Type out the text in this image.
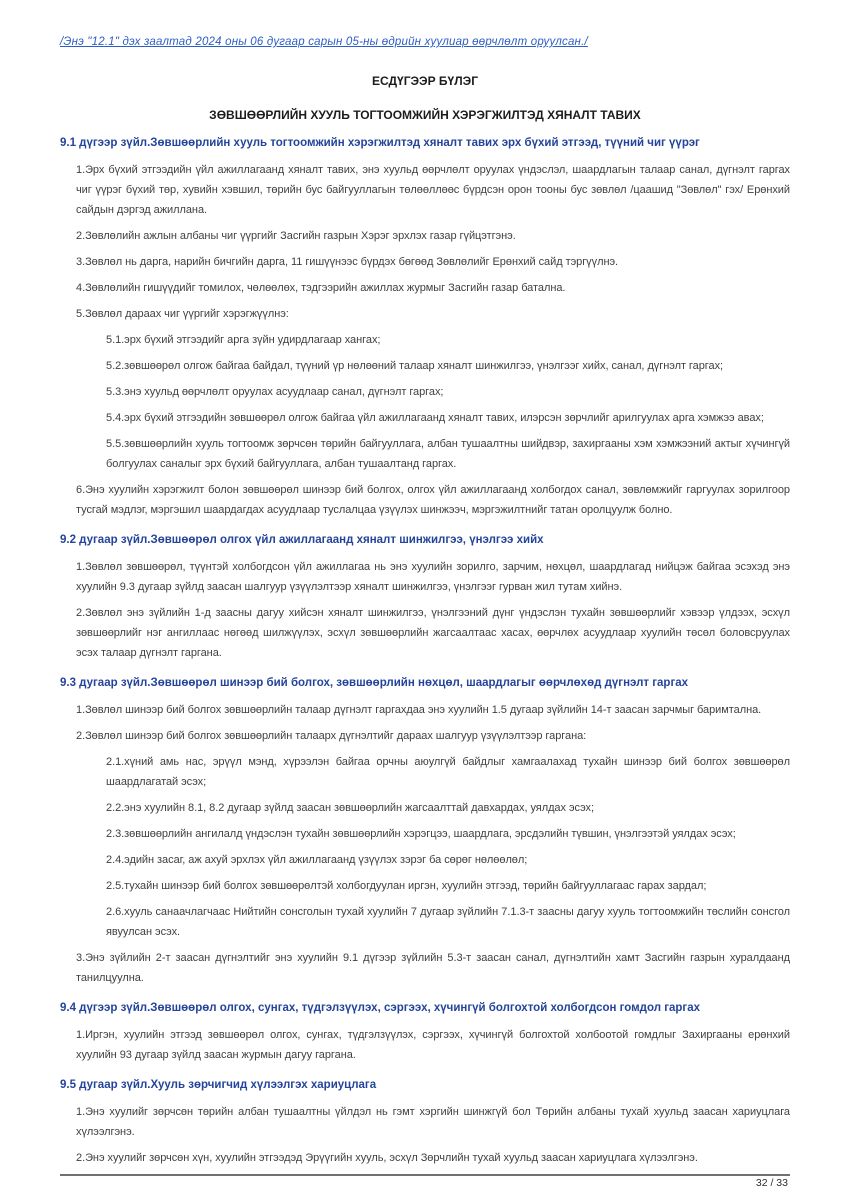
/Энэ "12.1" дэх заалтад 2024 оны 06 дугаар сарын 05-ны өдрийн хуулиар өөрчлөлт оруулсан./
ЕСДҮГЭЭР БҮЛЭГ
ЗӨВШӨӨРЛИЙН ХУУЛЬ ТОГТООМЖИЙН ХЭРЭГЖИЛТЭД ХЯНАЛТ ТАВИХ
9.1 дүгээр зүйл.Зөвшөөрлийн хууль тогтоомжийн хэрэгжилтэд хяналт тавих эрх бүхий этгээд, түүний чиг үүрэг

1.Эрх бүхий этгээдийн үйл ажиллагаанд хяналт тавих, энэ хуульд өөрчлөлт оруулах үндэслэл, шаардлагын талаар санал, дүгнэлт гаргах чиг үүрэг бүхий төр, хувийн хэвшил, төрийн бус байгууллагын төлөөллөөс бүрдсэн орон тооны бус зөвлөл /цаашид "Зөвлөл" гэх/ Ерөнхий сайдын дэргэд ажиллана.

2.Зөвлөлийн ажлын албаны чиг үүргийг Засгийн газрын Хэрэг эрхлэх газар гүйцэтгэнэ.

3.Зөвлөл нь дарга, нарийн бичгийн дарга, 11 гишүүнээс бүрдэх бөгөөд Зөвлөлийг Ерөнхий сайд тэргүүлнэ.

4.Зөвлөлийн гишүүдийг томилох, чөлөөлөх, тэдгээрийн ажиллах журмыг Засгийн газар батална.

5.Зөвлөл дараах чиг үүргийг хэрэгжүүлнэ:

5.1.эрх бүхий этгээдийг арга зүйн удирдлагаар хангах;

5.2.зөвшөөрөл олгож байгаа байдал, түүний үр нөлөөний талаар хяналт шинжилгээ, үнэлгээг хийх, санал, дүгнэлт гаргах;

5.3.энэ хуульд өөрчлөлт оруулах асуудлаар санал, дүгнэлт гаргах;

5.4.эрх бүхий этгээдийн зөвшөөрөл олгож байгаа үйл ажиллагаанд хяналт тавих, илэрсэн зөрчлийг арилгуулах арга хэмжээ авах;

5.5.зөвшөөрлийн хууль тогтоомж зөрчсөн төрийн байгууллага, албан тушаалтны шийдвэр, захиргааны хэм хэмжээний актыг хүчингүй болгуулах саналыг эрх бүхий байгууллага, албан тушаалтанд гаргах.

6.Энэ хуулийн хэрэгжилт болон зөвшөөрөл шинээр бий болгох, олгох үйл ажиллагаанд холбогдох санал, зөвлөмжийг гаргуулах зорилгоор тусгай мэдлэг, мэргэшил шаардагдах асуудлаар туслалцаа үзүүлэх шинжээч, мэргэжилтнийг татан оролцуулж болно.

9.2 дугаар зүйл.Зөвшөөрөл олгох үйл ажиллагаанд хяналт шинжилгээ, үнэлгээ хийх

1.Зөвлөл зөвшөөрөл, түүнтэй холбогдсон үйл ажиллагаа нь энэ хуулийн зорилго, зарчим, нөхцөл, шаардлагад нийцэж байгаа эсэхэд энэ хуулийн 9.3 дугаар зүйлд заасан шалгуур үзүүлэлтээр хяналт шинжилгээ, үнэлгээг гурван жил тутам хийнэ.

2.Зөвлөл энэ зүйлийн 1-д заасны дагуу хийсэн хяналт шинжилгээ, үнэлгээний дүнг үндэслэн тухайн зөвшөөрлийг хэвээр үлдээх, эсхүл зөвшөөрлийг нэг ангиллаас нөгөөд шилжүүлэх, эсхүл зөвшөөрлийн жагсаалтаас хасах, өөрчлөх асуудлаар хуулийн төсөл боловсруулах эсэх талаар дүгнэлт гаргана.

9.3 дугаар зүйл.Зөвшөөрөл шинээр бий болгох, зөвшөөрлийн нөхцөл, шаардлагыг өөрчлөхөд дүгнэлт гаргах

1.Зөвлөл шинээр бий болгох зөвшөөрлийн талаар дүгнэлт гаргахдаа энэ хуулийн 1.5 дугаар зүйлийн 14-т заасан зарчмыг баримтална.

2.Зөвлөл шинээр бий болгох зөвшөөрлийн талаарх дүгнэлтийг дараах шалгуур үзүүлэлтээр гаргана:

2.1.хүний амь нас, эрүүл мэнд, хүрээлэн байгаа орчны аюулгүй байдлыг хамгаалахад тухайн шинээр бий болгох зөвшөөрөл шаардлагатай эсэх;

2.2.энэ хуулийн 8.1, 8.2 дугаар зүйлд заасан зөвшөөрлийн жагсаалттай давхардах, уялдах эсэх;

2.3.зөвшөөрлийн ангилалд үндэслэн тухайн зөвшөөрлийн хэрэгцээ, шаардлага, эрсдэлийн түвшин, үнэлгээтэй уялдах эсэх;

2.4.эдийн засаг, аж ахуй эрхлэх үйл ажиллагаанд үзүүлэх зэрэг ба сөрөг нөлөөлөл;

2.5.тухайн шинээр бий болгох зөвшөөрөлтэй холбогдуулан иргэн, хуулийн этгээд, төрийн байгууллагаас гарах зардал;

2.6.хууль санаачлагчаас Нийтийн сонсголын тухай хуулийн 7 дугаар зүйлийн 7.1.3-т заасны дагуу хууль тогтоомжийн төслийн сонсгол явуулсан эсэх.

3.Энэ зүйлийн 2-т заасан дүгнэлтийг энэ хуулийн 9.1 дүгээр зүйлийн 5.3-т заасан санал, дүгнэлтийн хамт Засгийн газрын хуралдаанд танилцуулна.

9.4 дүгээр зүйл.Зөвшөөрөл олгох, сунгах, түдгэлзүүлэх, сэргээх, хүчингүй болгохтой холбогдсон гомдол гаргах

1.Иргэн, хуулийн этгээд зөвшөөрөл олгох, сунгах, түдгэлзүүлэх, сэргээх, хүчингүй болгохтой холбоотой гомдлыг Захиргааны ерөнхий хуулийн 93 дугаар зүйлд заасан журмын дагуу гаргана.

9.5 дугаар зүйл.Хууль зөрчигчид хүлээлгэх хариуцлага

1.Энэ хуулийг зөрчсөн төрийн албан тушаалтны үйлдэл нь гэмт хэргийн шинжгүй бол Төрийн албаны тухай хуульд заасан хариуцлага хүлээлгэнэ.

2.Энэ хуулийг зөрчсөн хүн, хуулийн этгээдэд Эрүүгийн хууль, эсхүл Зөрчлийн тухай хуульд заасан хариуцлага хүлээлгэнэ.

32 / 33
